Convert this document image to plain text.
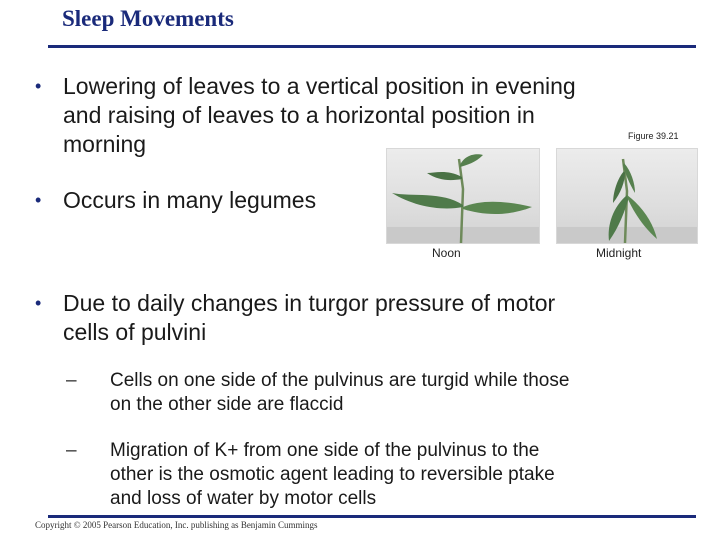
Sleep Movements
• Lowering of leaves to a vertical position in evening
and raising of leaves to a horizontal position in
morning	Figure 39.21
• Occurs in many legumes
Noon	Midnight
• Due to daily changes in turgor pressure of motor
cells of pulvini
– Cells on one side of the pulvinus are turgid while those
on the other side are flaccid
– Migration of K+ from one side of the pulvinus to the
other is the osmotic agent leading to reversible ptake
and loss of water by motor cells
Copyright © 2005 Pearson Education, Inc. publishing as Benjamin Cummings
